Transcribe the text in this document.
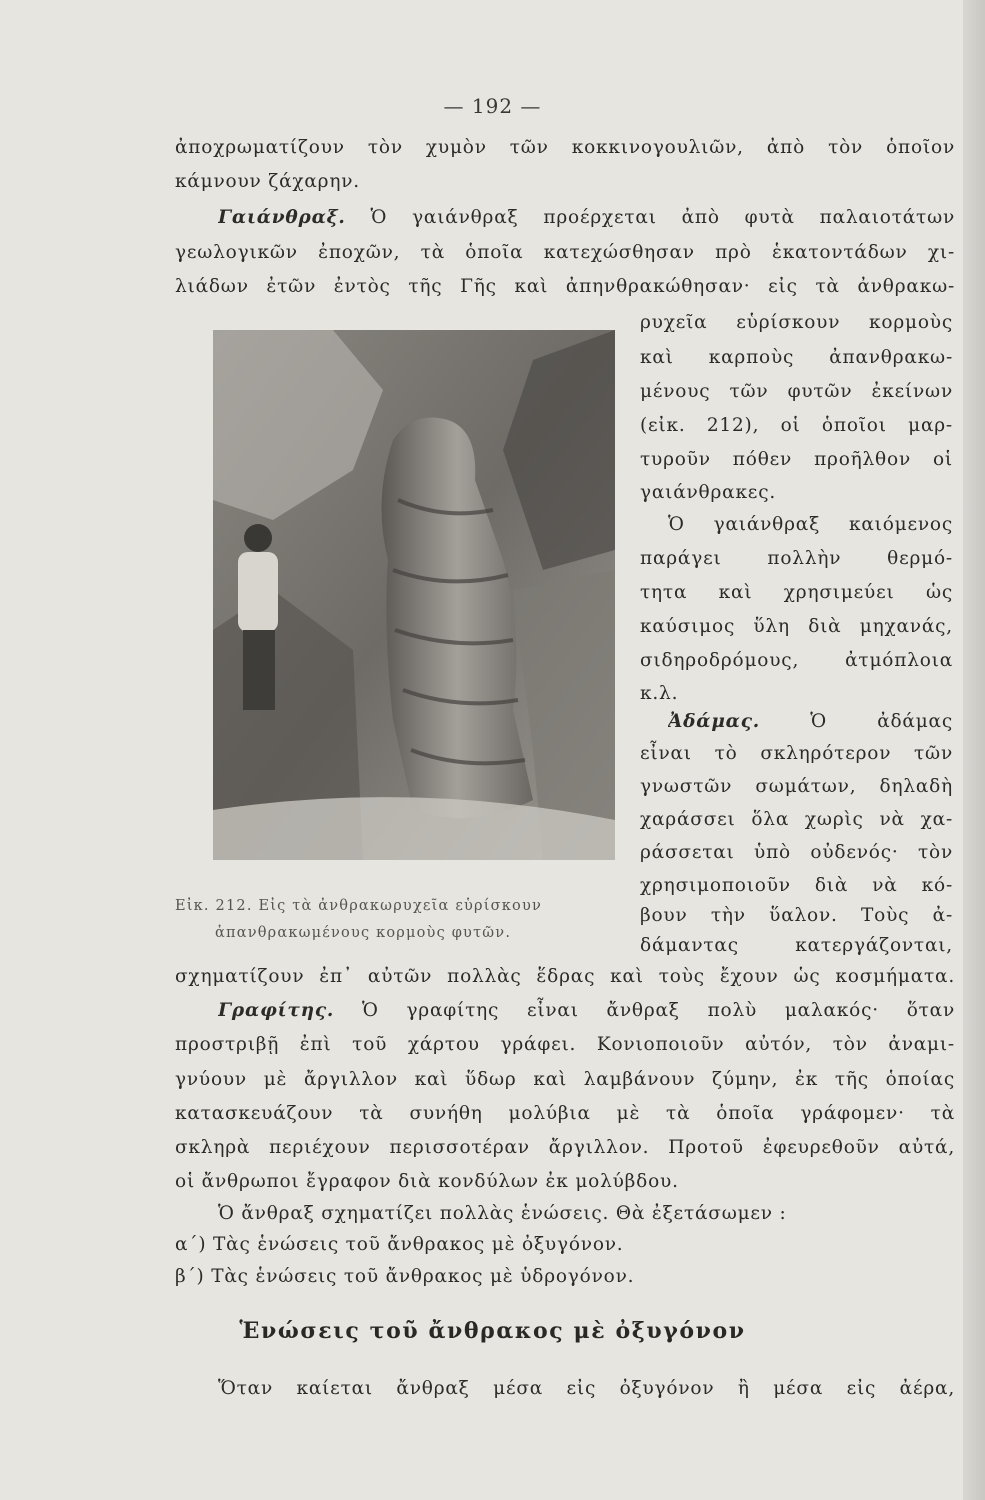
— 192 —
ἀποχρωματίζουν τὸν χυμὸν τῶν κοκκινογουλιῶν, ἀπὸ τὸν ὁποῖον
κάμνουν ζάχαρην.
Γαιάνθραξ. Ὁ γαιάνθραξ προέρχεται ἀπὸ φυτὰ παλαιοτάτων
γεωλογικῶν ἐποχῶν, τὰ ὁποῖα κατεχώσθησαν πρὸ ἑκατοντάδων χι-
λιάδων ἐτῶν ἐντὸς τῆς Γῆς καὶ ἀπηνθρακώθησαν· εἰς τὰ ἀνθρακω-
ρυχεῖα εὑρίσκουν κορμοὺς
καὶ καρποὺς ἀπανθρακω-
μένους τῶν φυτῶν ἐκείνων
(εἰκ. 212), οἱ ὁποῖοι μαρ-
τυροῦν πόθεν προῆλθον οἱ
γαιάνθρακες.
Ὁ γαιάνθραξ καιόμενος
παράγει πολλὴν θερμό-
τητα καὶ χρησιμεύει ὡς
καύσιμος ὕλη διὰ μηχανάς,
σιδηροδρόμους, ἀτμόπλοια
κ.λ.
Ἀδάμας.	Ὁ ἀδάμας
εἶναι τὸ σκληρότερον τῶν
γνωστῶν σωμάτων, δηλαδὴ
χαράσσει ὅλα χωρὶς νὰ χα-
ράσσεται ὑπὸ οὐδενός· τὸν
χρησιμοποιοῦν διὰ νὰ κό-
βουν τὴν ὕαλον. Τοὺς ἀ-
δάμαντας κατεργάζονται,
σχηματίζουν ἐπ᾽ αὐτῶν πολλὰς ἕδρας καὶ τοὺς ἔχουν ὡς κοσμήματα.
Εἰκ. 212. Εἰς τὰ ἀνθρακωρυχεῖα εὑρίσκουν
ἀπανθρακωμένους κορμοὺς φυτῶν.
Γραφίτης. Ὁ γραφίτης εἶναι ἄνθραξ πολὺ μαλακός· ὅταν
προστριβῇ ἐπὶ τοῦ χάρτου γράφει. Κονιοποιοῦν αὐτόν, τὸν ἀναμι-
γνύουν μὲ ἄργιλλον καὶ ὕδωρ καὶ λαμβάνουν ζύμην, ἐκ τῆς ὁποίας
κατασκευάζουν τὰ συνήθη μολύβια μὲ τὰ ὁποῖα γράφομεν· τὰ
σκληρὰ περιέχουν περισσοτέραν ἄργιλλον. Προτοῦ ἐφευρεθοῦν αὐτά,
οἱ ἄνθρωποι ἔγραφον διὰ κονδύλων ἐκ μολύβδου.
Ὁ ἄνθραξ σχηματίζει πολλὰς ἑνώσεις. Θὰ ἐξετάσωμεν :
α΄) Τὰς ἑνώσεις τοῦ ἄνθρακος μὲ ὀξυγόνον.
β΄) Τὰς ἑνώσεις τοῦ ἄνθρακος μὲ ὑδρογόνον.
Ἑνώσεις τοῦ ἄνθρακος μὲ ὀξυγόνον
Ὅταν καίεται ἄνθραξ μέσα εἰς ὀξυγόνον ἢ μέσα εἰς ἀέρα,
